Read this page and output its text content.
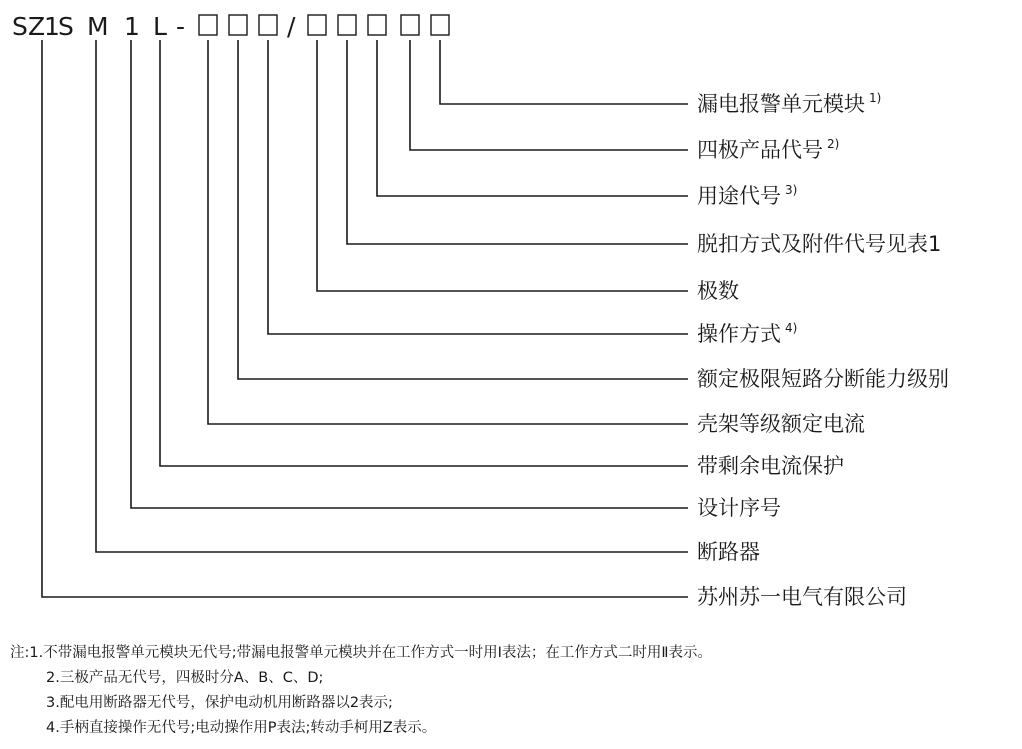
S Z
1
S M 1 L -	/
漏电报警单元模块 $^{1)}$
四极产品代号 $^{2)}$
用途代号 $^{3)}$
脱扣方式及附件代号见表1
极数
操作方式 $^{4)}$
额定极限短路分断能力级别
壳架等级额定电流
带剩余电流保护
设计序号
断路器
苏州苏一电气有限公司
注:1.不带漏电报警单元模块无代号;带漏电报警单元模块并在工作方式一时用Ⅰ表法；在工作方式二时用Ⅱ表示。
2.三极产品无代号，四极时分A、B、C、D;
3.配电用断路器无代号，保护电动机用断路器以2表示;
4.手柄直接操作无代号;电动操作用P表法;转动手柯用Z表示。
